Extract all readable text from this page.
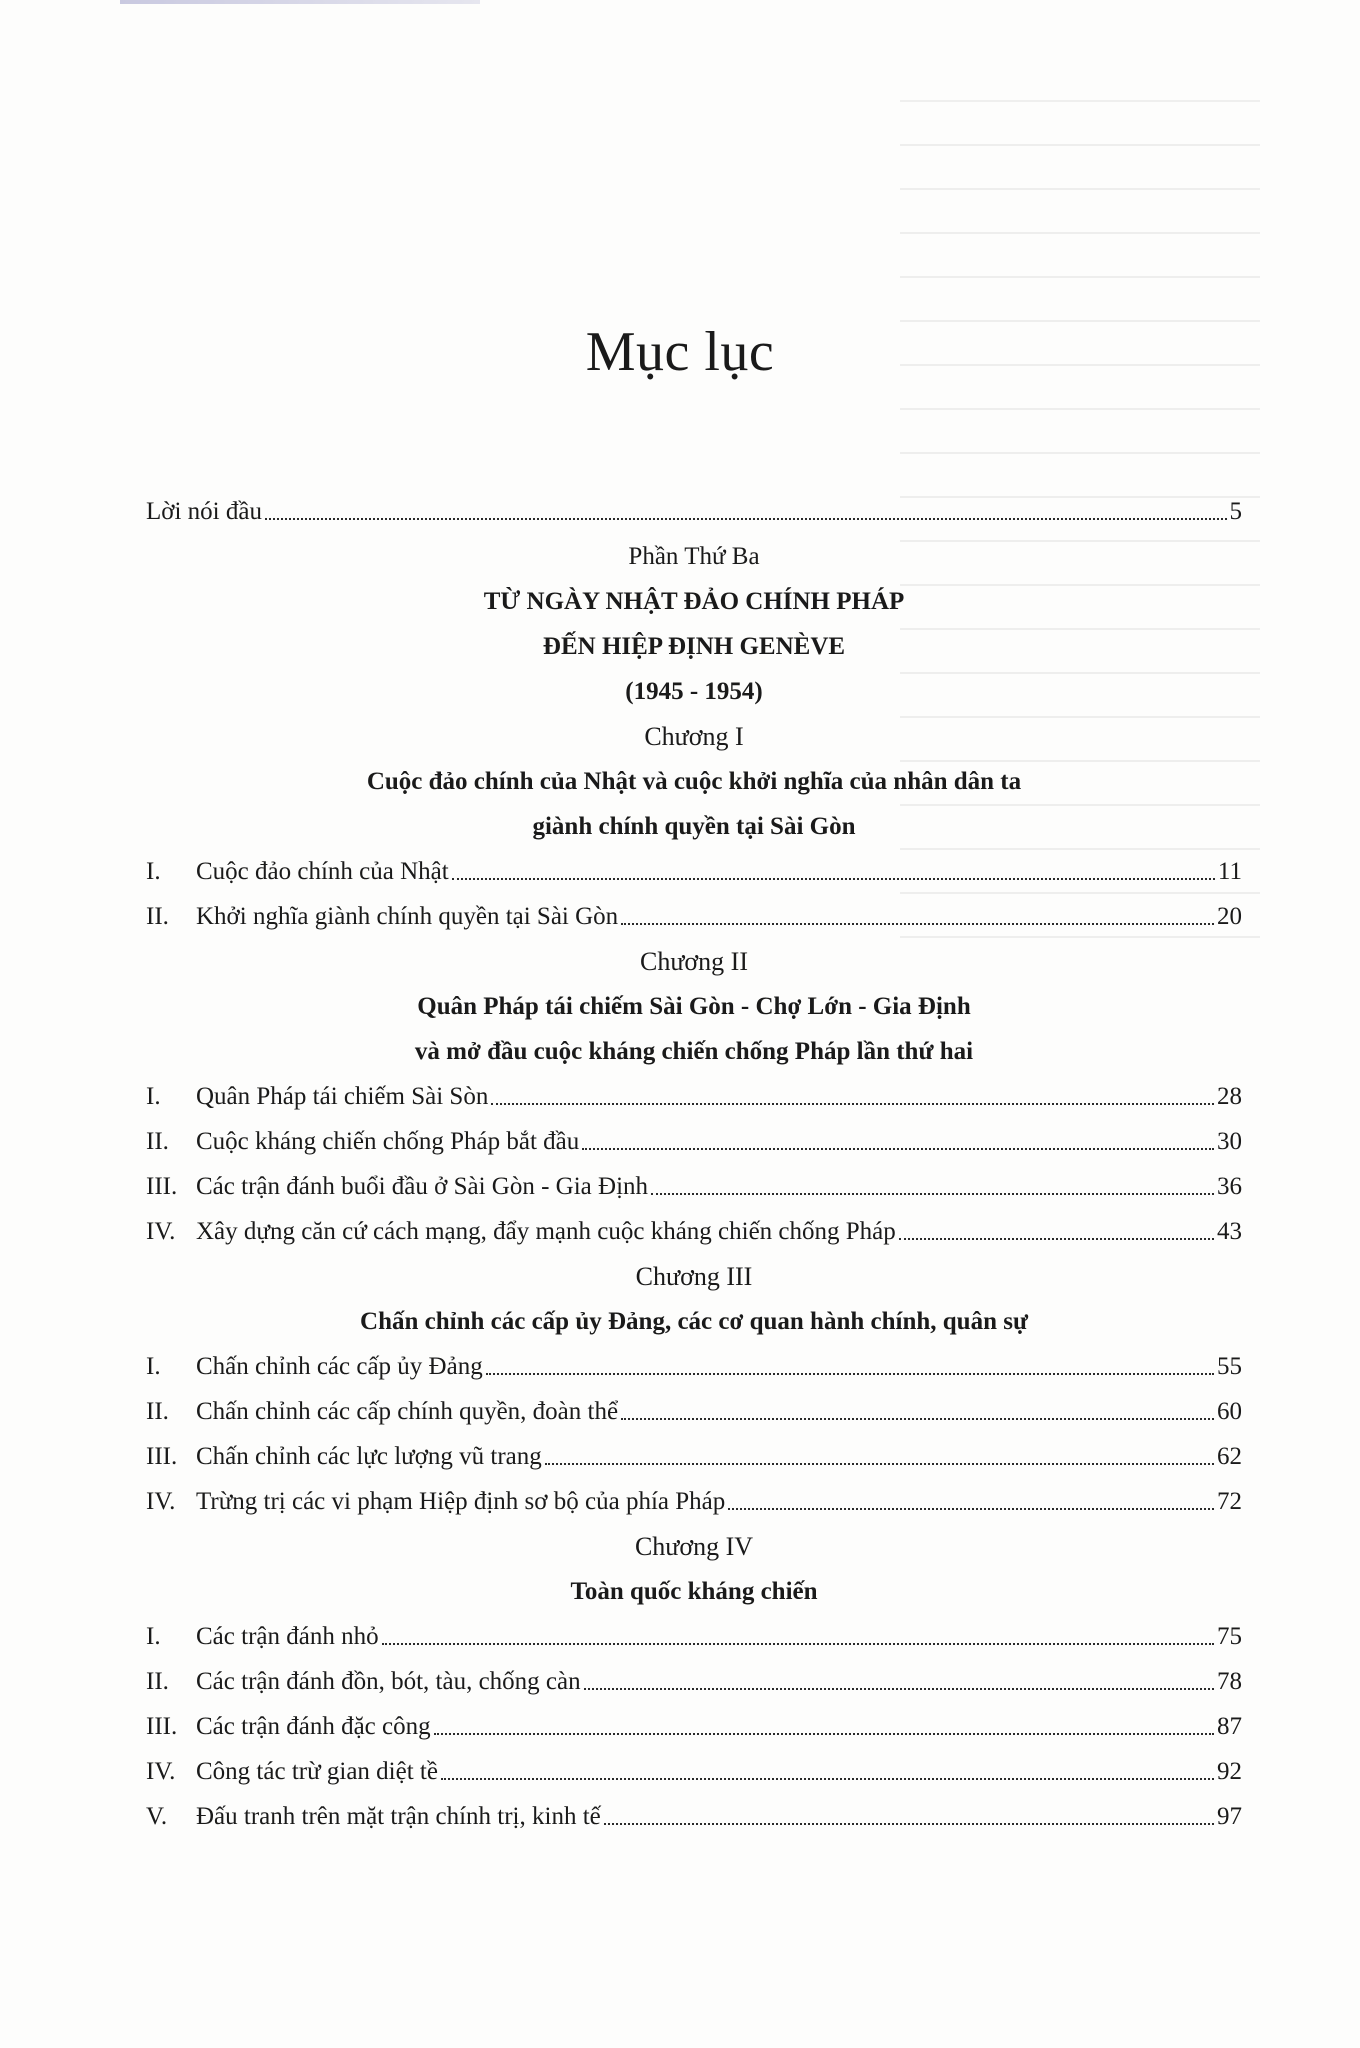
Mục lục
Lời nói đầu	5
Phần Thứ Ba
TỪ NGÀY NHẬT ĐẢO CHÍNH PHÁP
ĐẾN HIỆP ĐỊNH GENÈVE
(1945 - 1954)
Chương I
Cuộc đảo chính của Nhật và cuộc khởi nghĩa của nhân dân ta
giành chính quyền tại Sài Gòn
I.	Cuộc đảo chính của Nhật	11
II.	Khởi nghĩa giành chính quyền tại Sài Gòn	20
Chương II
Quân Pháp tái chiếm Sài Gòn - Chợ Lớn - Gia Định
và mở đầu cuộc kháng chiến chống Pháp lần thứ hai
I.	Quân Pháp tái chiếm Sài Sòn	28
II.	Cuộc kháng chiến chống Pháp bắt đầu	30
III. Các trận đánh buổi đầu ở Sài Gòn - Gia Định	36
IV. Xây dựng căn cứ cách mạng, đẩy mạnh cuộc kháng chiến chống Pháp	43
Chương III
Chấn chỉnh các cấp ủy Đảng, các cơ quan hành chính, quân sự
I.	Chấn chỉnh các cấp ủy Đảng	55
II.	Chấn chỉnh các cấp chính quyền, đoàn thể	60
III. Chấn chỉnh các lực lượng vũ trang	62
IV. Trừng trị các vi phạm Hiệp định sơ bộ của phía Pháp	72
Chương IV
Toàn quốc kháng chiến
I.	Các trận đánh nhỏ	75
II.	Các trận đánh đồn, bót, tàu, chống càn	78
III. Các trận đánh đặc công	87
IV. Công tác trừ gian diệt tề	92
V.	Đấu tranh trên mặt trận chính trị, kinh tế	97
